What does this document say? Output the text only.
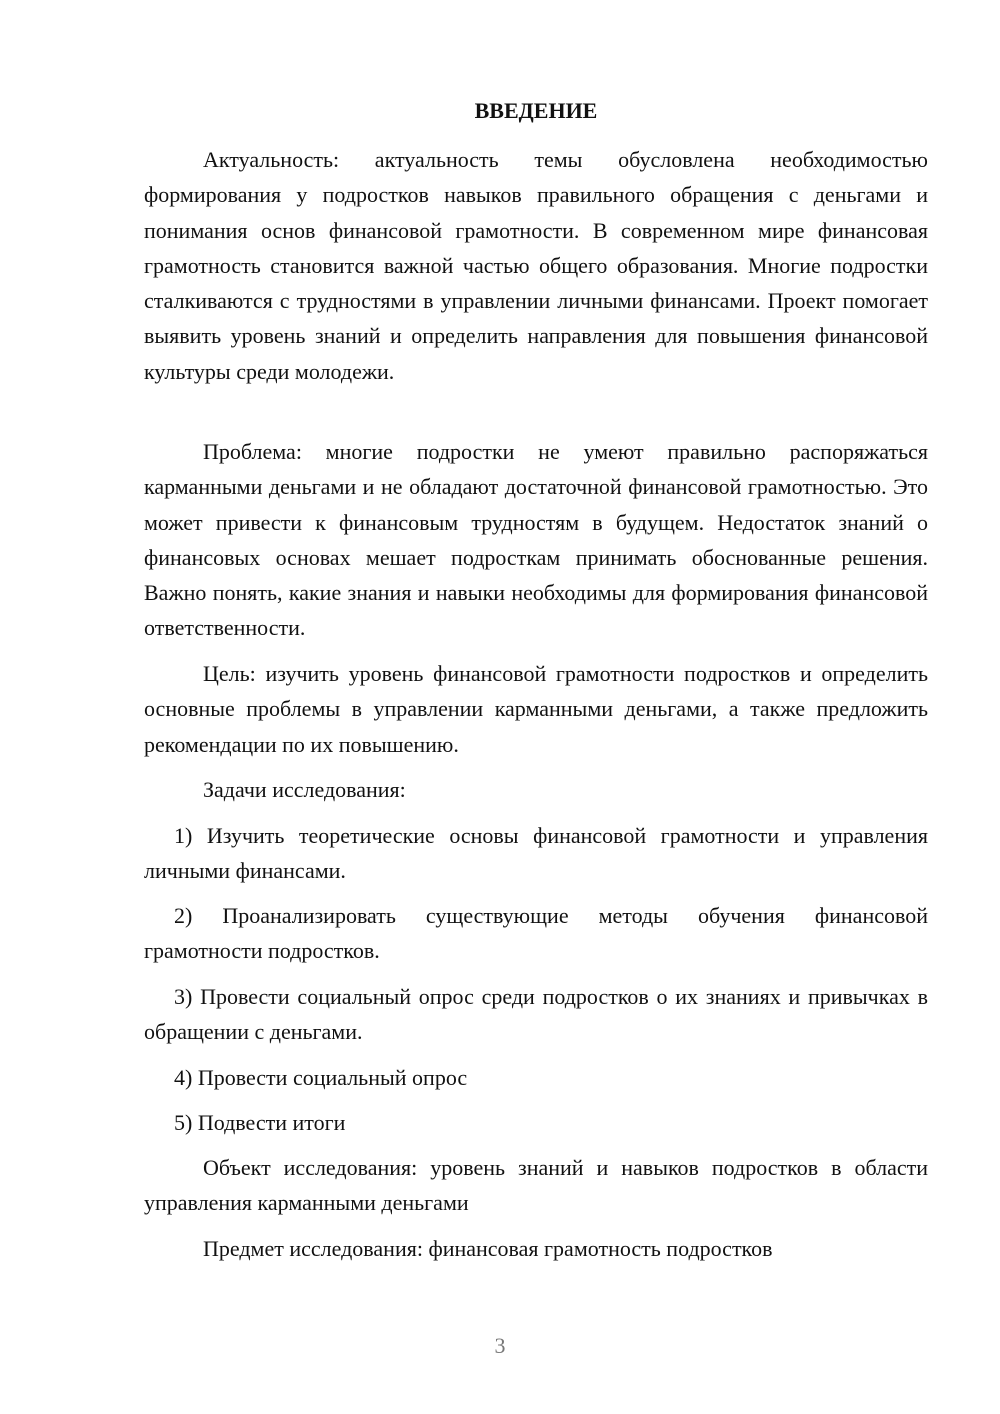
ВВЕДЕНИЕ

Актуальность: актуальность темы обусловлена необходимостью формирования у подростков навыков правильного обращения с деньгами и понимания основ финансовой грамотности. В современном мире финансовая грамотность становится важной частью общего образования. Многие подростки сталкиваются с трудностями в управлении личными финансами. Проект помогает выявить уровень знаний и определить направления для повышения финансовой культуры среди молодежи.

Проблема: многие подростки не умеют правильно распоряжаться карманными деньгами и не обладают достаточной финансовой грамотностью. Это может привести к финансовым трудностям в будущем. Недостаток знаний о финансовых основах мешает подросткам принимать обоснованные решения. Важно понять, какие знания и навыки необходимы для формирования финансовой ответственности.

Цель: изучить уровень финансовой грамотности подростков и определить основные проблемы в управлении карманными деньгами, а также предложить рекомендации по их повышению.

Задачи исследования:

1) Изучить теоретические основы финансовой грамотности и управления личными финансами.

2) Проанализировать существующие методы обучения финансовой грамотности подростков.

3) Провести социальный опрос среди подростков о их знаниях и привычках в обращении с деньгами.

4) Провести социальный опрос

5) Подвести итоги

Объект исследования: уровень знаний и навыков подростков в области управления карманными деньгами

Предмет исследования: финансовая грамотность подростков

3
